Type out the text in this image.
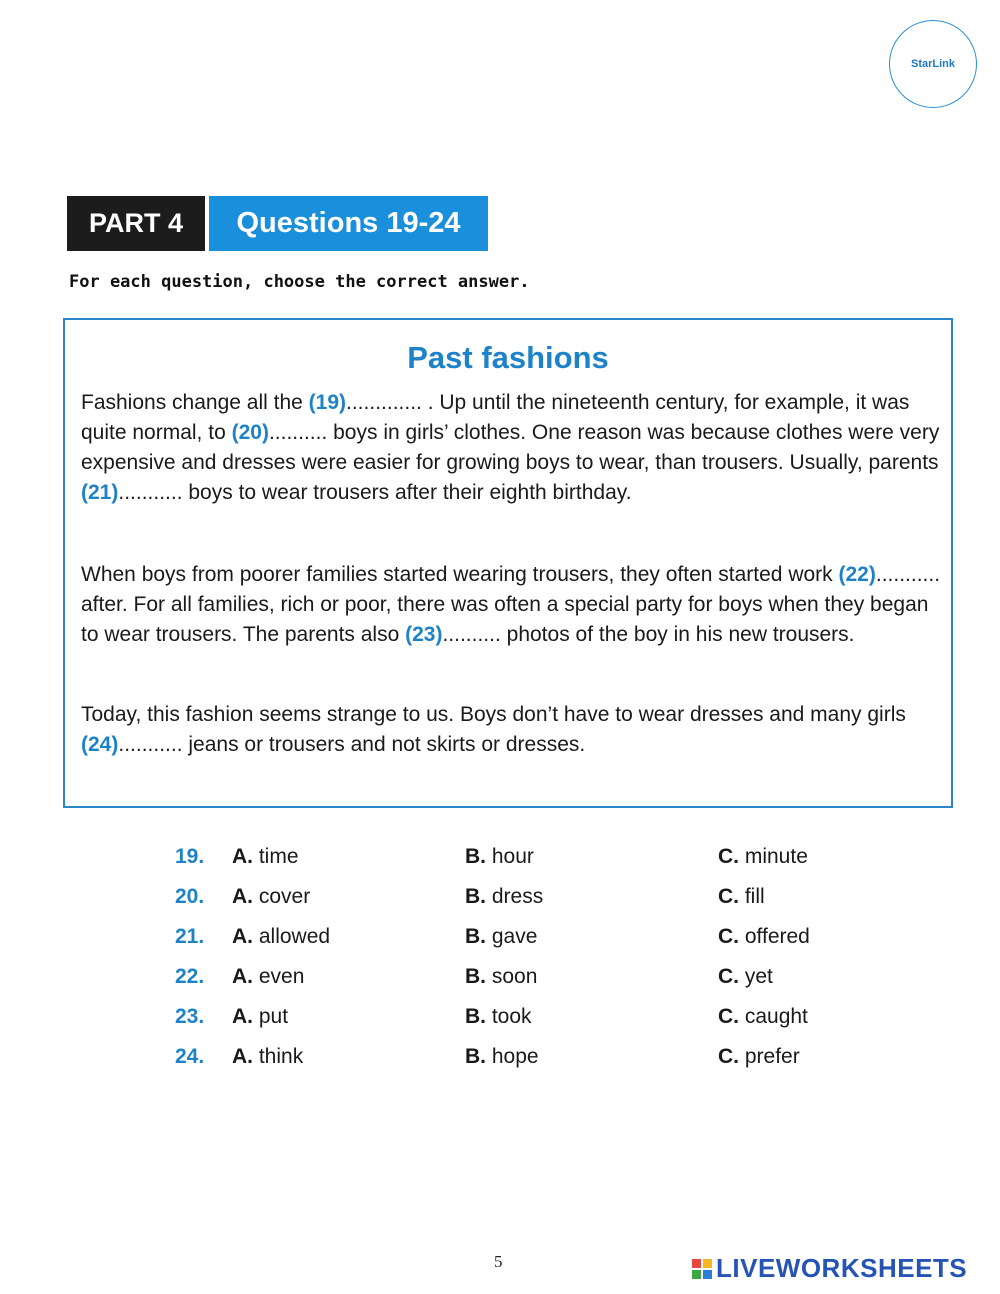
StarLink
PART 4	Questions 19-24
For each question, choose the correct answer.
Past fashions

Fashions change all the (19)............. . Up until the nineteenth century, for example, it was quite normal, to (20).......... boys in girls’ clothes. One reason was because clothes were very expensive and dresses were easier for growing boys to wear, than trousers. Usually, parents (21)........... boys to wear trousers after their eighth birthday.

When boys from poorer families started wearing trousers, they often started work (22)........... after. For all families, rich or poor, there was often a special party for boys when they began to wear trousers. The parents also (23).......... photos of the boy in his new trousers.

Today, this fashion seems strange to us. Boys don’t have to wear dresses and many girls (24)........... jeans or trousers and not skirts or dresses.

19. A. time	B. hour	C. minute
20. A. cover	B. dress	C. fill
21. A. allowed	B. gave	C. offered
22. A. even	B. soon	C. yet
23. A. put	B. took	C. caught
24. A. think	B. hope	C. prefer
5	LIVEWORKSHEETS
